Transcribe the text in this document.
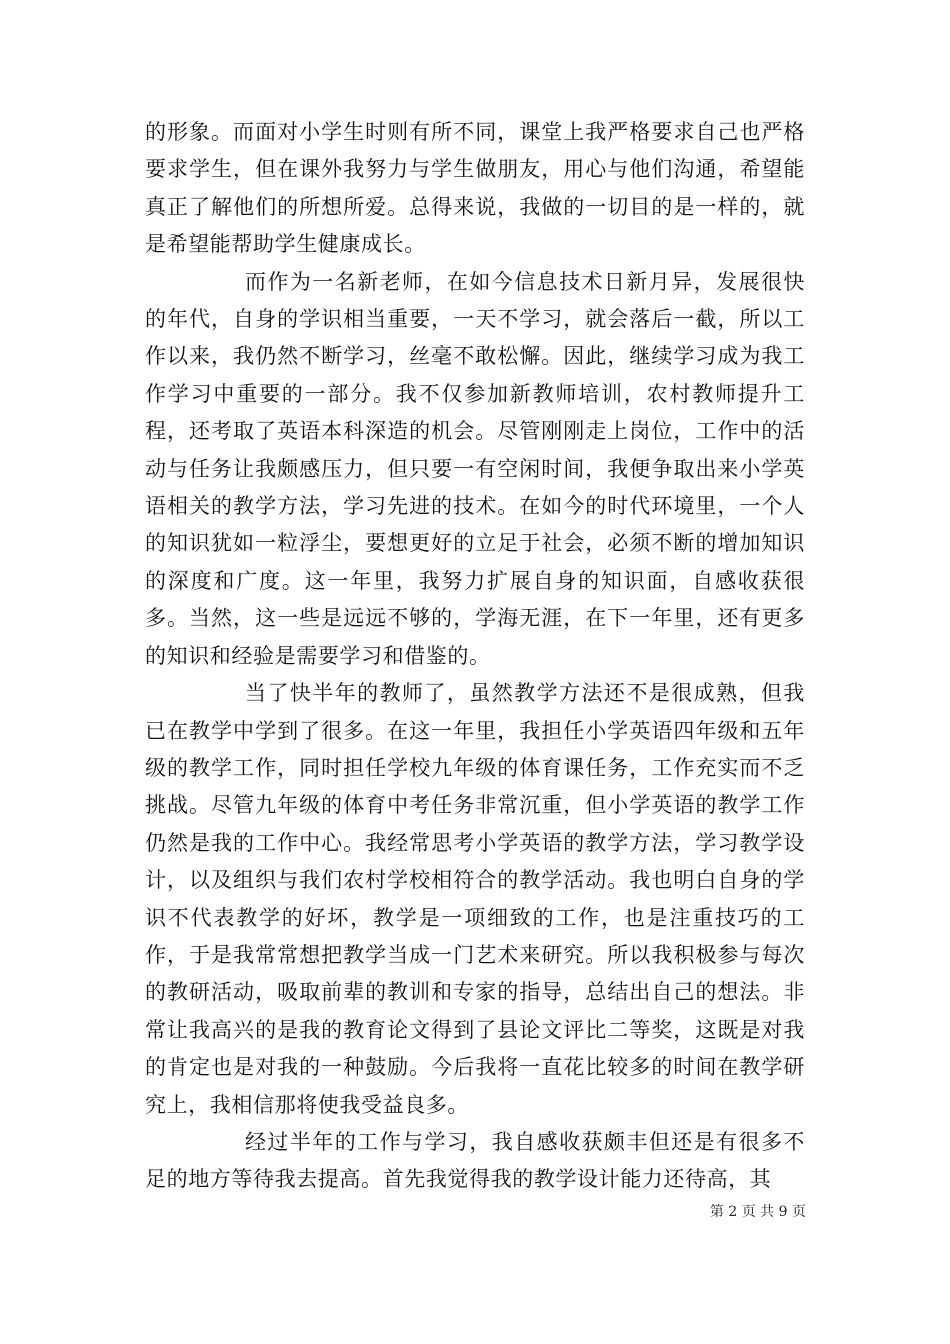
的形象。而面对小学生时则有所不同，课堂上我严格要求自己也严格要求学生，但在课外我努力与学生做朋友，用心与他们沟通，希望能真正了解他们的所想所爱。总得来说，我做的一切目的是一样的，就是希望能帮助学生健康成长。

而作为一名新老师，在如今信息技术日新月异，发展很快的年代，自身的学识相当重要，一天不学习，就会落后一截，所以工作以来，我仍然不断学习，丝毫不敢松懈。因此，继续学习成为我工作学习中重要的一部分。我不仅参加新教师培训，农村教师提升工程，还考取了英语本科深造的机会。尽管刚刚走上岗位，工作中的活动与任务让我颇感压力，但只要一有空闲时间，我便争取出来小学英语相关的教学方法，学习先进的技术。在如今的时代环境里，一个人的知识犹如一粒浮尘，要想更好的立足于社会，必须不断的增加知识的深度和广度。这一年里，我努力扩展自身的知识面，自感收获很多。当然，这一些是远远不够的，学海无涯，在下一年里，还有更多的知识和经验是需要学习和借鉴的。

当了快半年的教师了，虽然教学方法还不是很成熟，但我已在教学中学到了很多。在这一年里，我担任小学英语四年级和五年级的教学工作，同时担任学校九年级的体育课任务，工作充实而不乏挑战。尽管九年级的体育中考任务非常沉重，但小学英语的教学工作仍然是我的工作中心。我经常思考小学英语的教学方法，学习教学设计，以及组织与我们农村学校相符合的教学活动。我也明白自身的学识不代表教学的好坏，教学是一项细致的工作，也是注重技巧的工作，于是我常常想把教学当成一门艺术来研究。所以我积极参与每次的教研活动，吸取前辈的教训和专家的指导，总结出自己的想法。非常让我高兴的是我的教育论文得到了县论文评比二等奖，这既是对我的肯定也是对我的一种鼓励。今后我将一直花比较多的时间在教学研究上，我相信那将使我受益良多。

经过半年的工作与学习，我自感收获颇丰但还是有很多不足的地方等待我去提高。首先我觉得我的教学设计能力还待高，其

第 2 页 共 9 页
